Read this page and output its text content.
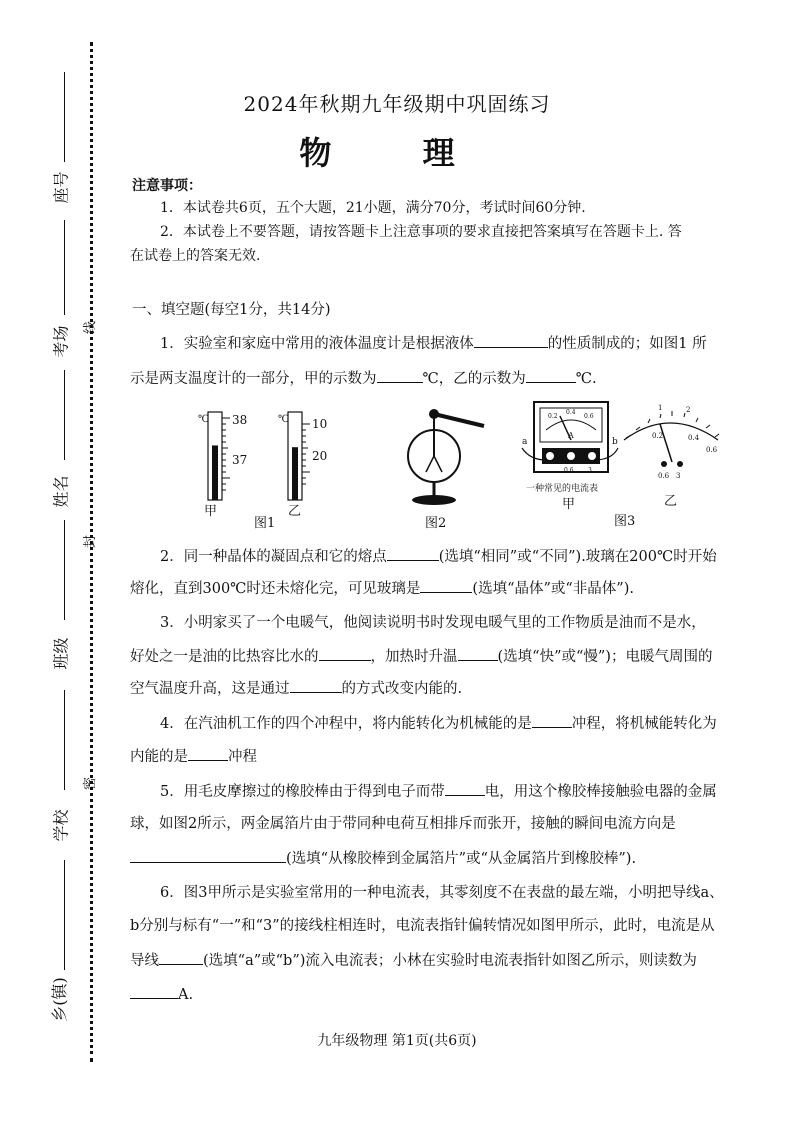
座号
考场
姓名
班级
学校
乡(镇)
线
封
密
2024年秋期九年级期中巩固练习
物 理
注意事项：
1．本试卷共6页，五个大题，21小题，满分70分，考试时间60分钟.
2．本试卷上不要答题，请按答题卡上注意事项的要求直接把答案填写在答题卡上. 答
在试卷上的答案无效.
一、填空题(每空1分，共14分)
1．实验室和家庭中常用的液体温度计是根据液体	的性质制成的；如图1 所
示是两支温度计的一部分，甲的示数为	℃，乙的示数为	℃.
℃ 38
37
℃ 10
20
甲	乙
图1	图2
A
0.2
0.4
0.6
0.6 3
a	b
一种常见的电流表
甲
0.2	0.4
0.6
1	2
0.6 3
乙
图3
2．同一种晶体的凝固点和它的熔点	(选填“相同”或“不同”).玻璃在200℃时开始
熔化，直到300℃时还未熔化完，可见玻璃是	(选填“晶体”或“非晶体”).
3．小明家买了一个电暖气，他阅读说明书时发现电暖气里的工作物质是油而不是水，
好处之一是油的比热容比水的	，加热时升温	(选填“快”或“慢”)；电暖气周围的
空气温度升高，这是通过	的方式改变内能的.
4．在汽油机工作的四个冲程中，将内能转化为机械能的是	冲程，将机械能转化为
内能的是	冲程
5．用毛皮摩擦过的橡胶棒由于得到电子而带	电，用这个橡胶棒接触验电器的金属
球，如图2所示，两金属箔片由于带同种电荷互相排斥而张开，接触的瞬间电流方向是
(选填“从橡胶棒到金属箔片”或“从金属箔片到橡胶棒”).
6．图3甲所示是实验室常用的一种电流表，其零刻度不在表盘的最左端，小明把导线a、
b分别与标有“一”和“3”的接线柱相连时，电流表指针偏转情况如图甲所示，此时，电流是从
导线	(选填“a”或“b”)流入电流表；小林在实验时电流表指针如图乙所示，则读数为
A.
九年级物理 第1页(共6页)
